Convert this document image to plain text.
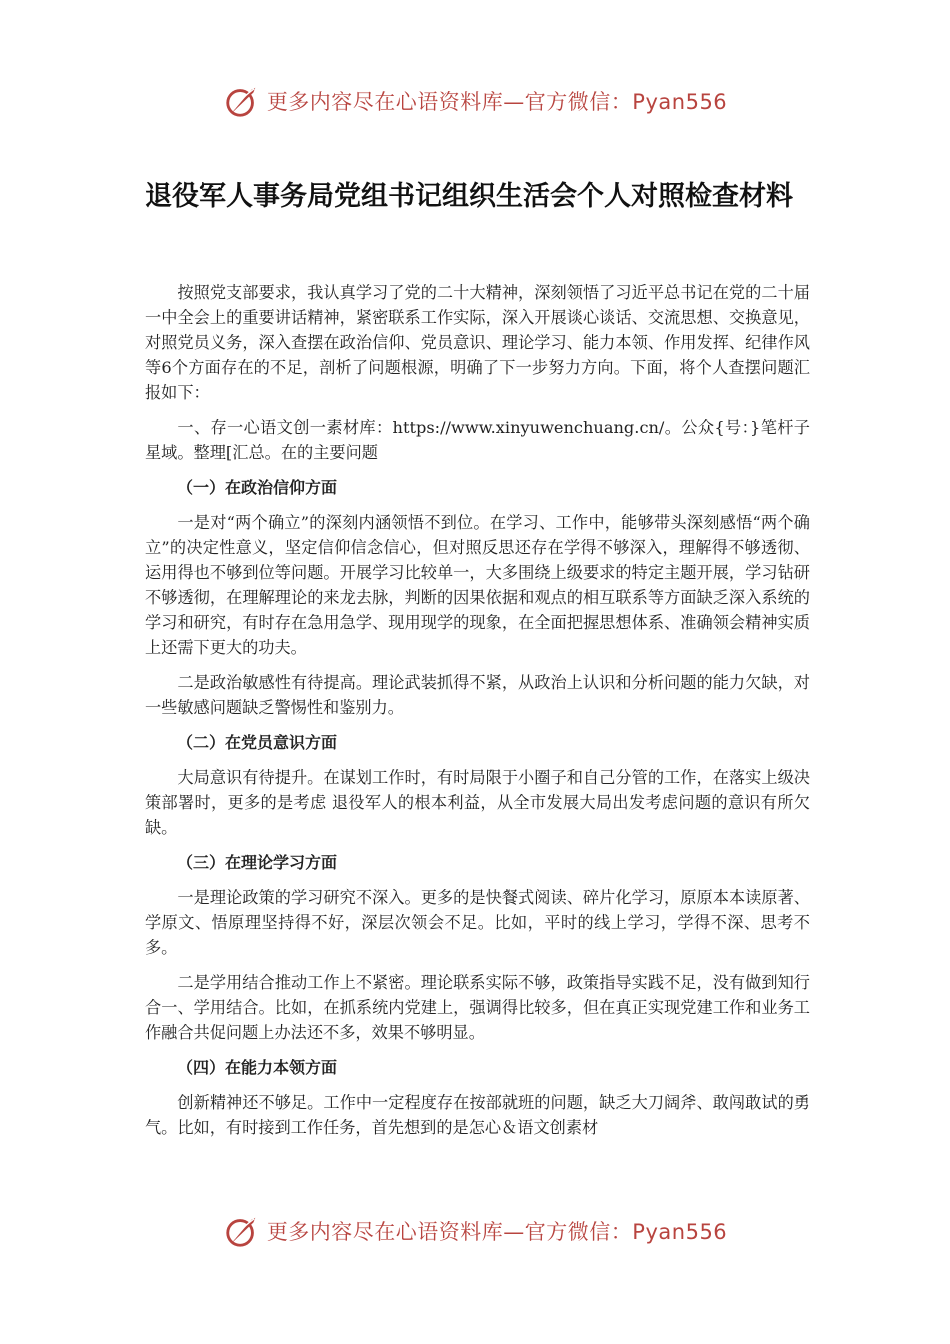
更多内容尽在心语资料库—官方微信：Pyan556
退役军人事务局党组书记组织生活会个人对照检查材料

按照党支部要求，我认真学习了党的二十大精神，深刻领悟了习近平总书记在党的二十届一中全会上的重要讲话精神，紧密联系工作实际，深入开展谈心谈话、交流思想、交换意见，对照党员义务，深入查摆在政治信仰、党员意识、理论学习、能力本领、作用发挥、纪律作风等6个方面存在的不足，剖析了问题根源，明确了下一步努力方向。下面，将个人查摆问题汇报如下：

一、存一心语文创一素材库：https://www.xinyuwenchuang.cn/。公众{号：}笔杆子星域。整理[汇总。在的主要问题

（一）在政治信仰方面

一是对“两个确立”的深刻内涵领悟不到位。在学习、工作中，能够带头深刻感悟“两个确立”的决定性意义，坚定信仰信念信心，但对照反思还存在学得不够深入，理解得不够透彻、运用得也不够到位等问题。开展学习比较单一，大多围绕上级要求的特定主题开展，学习钻研不够透彻，在理解理论的来龙去脉，判断的因果依据和观点的相互联系等方面缺乏深入系统的学习和研究，有时存在急用急学、现用现学的现象，在全面把握思想体系、准确领会精神实质上还需下更大的功夫。

二是政治敏感性有待提高。理论武装抓得不紧，从政治上认识和分析问题的能力欠缺，对一些敏感问题缺乏警惕性和鉴别力。

（二）在党员意识方面

大局意识有待提升。在谋划工作时，有时局限于小圈子和自己分管的工作，在落实上级决策部署时，更多的是考虑 退役军人的根本利益，从全市发展大局出发考虑问题的意识有所欠缺。

（三）在理论学习方面

一是理论政策的学习研究不深入。更多的是快餐式阅读、碎片化学习，原原本本读原著、学原文、悟原理坚持得不好，深层次领会不足。比如，平时的线上学习，学得不深、思考不多。

二是学用结合推动工作上不紧密。理论联系实际不够，政策指导实践不足，没有做到知行合一、学用结合。比如，在抓系统内党建上，强调得比较多，但在真正实现党建工作和业务工作融合共促问题上办法还不多，效果不够明显。

（四）在能力本领方面

创新精神还不够足。工作中一定程度存在按部就班的问题，缺乏大刀阔斧、敢闯敢试的勇气。比如，有时接到工作任务，首先想到的是怎心＆语文创素材

更多内容尽在心语资料库—官方微信：Pyan556
